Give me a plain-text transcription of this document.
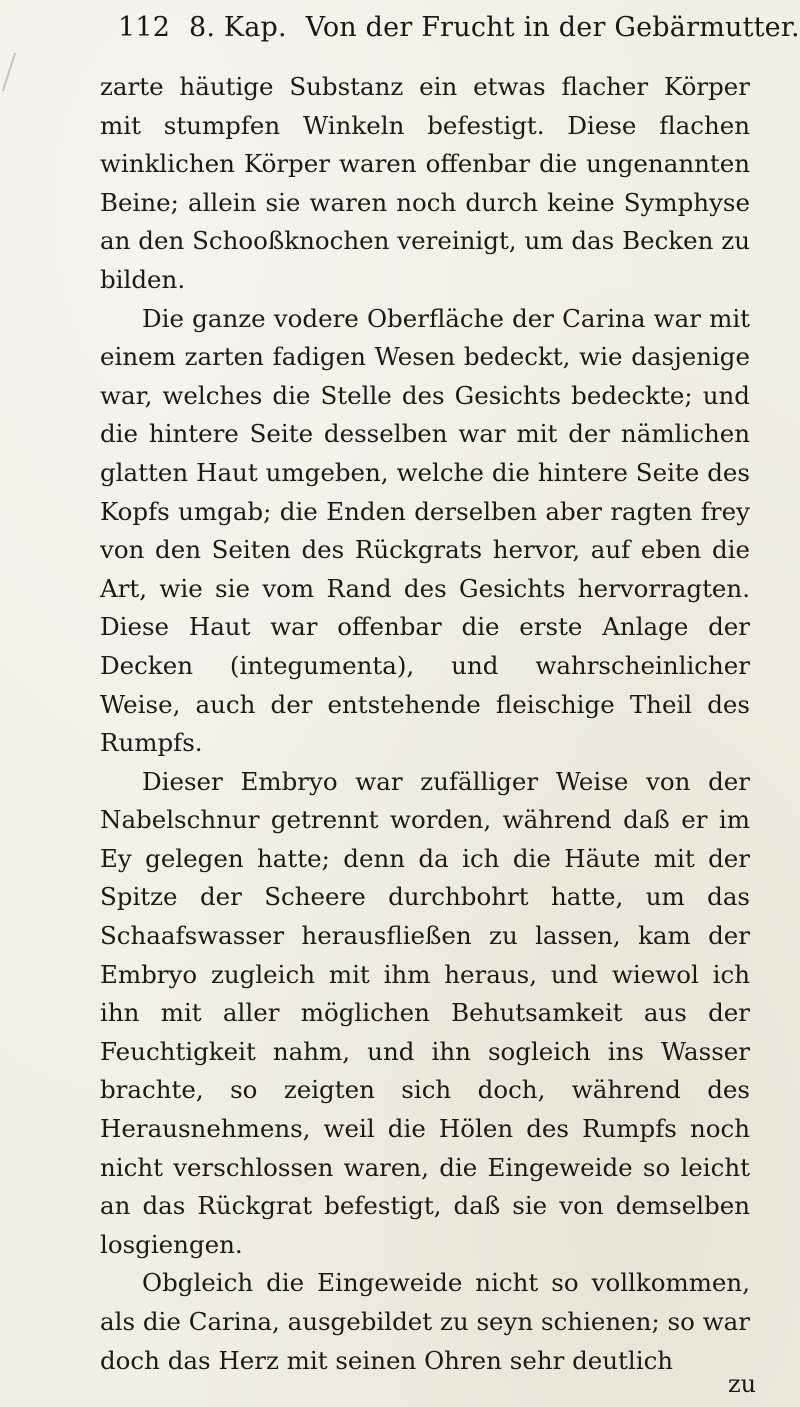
112 8. Kap. Von der Frucht in der Gebärmutter.

zarte häutige Substanz ein etwas flacher Körper mit stumpfen Winkeln befestigt. Diese flachen winklichen Körper waren offenbar die ungenannten Beine; allein sie waren noch durch keine Symphyse an den Schooßknochen vereinigt, um das Becken zu bilden.

Die ganze vodere Oberfläche der Carina war mit einem zarten fadigen Wesen bedeckt, wie dasjenige war, welches die Stelle des Gesichts bedeckte; und die hintere Seite desselben war mit der nämlichen glatten Haut umgeben, welche die hintere Seite des Kopfs umgab; die Enden derselben aber ragten frey von den Seiten des Rückgrats hervor, auf eben die Art, wie sie vom Rand des Gesichts hervorragten. Diese Haut war offenbar die erste Anlage der Decken (integumenta), und wahrscheinlicher Weise, auch der entstehende fleischige Theil des Rumpfs.

Dieser Embryo war zufälliger Weise von der Nabelschnur getrennt worden, während daß er im Ey gelegen hatte; denn da ich die Häute mit der Spitze der Scheere durchbohrt hatte, um das Schaafswasser herausfließen zu lassen, kam der Embryo zugleich mit ihm heraus, und wiewol ich ihn mit aller möglichen Behutsamkeit aus der Feuchtigkeit nahm, und ihn sogleich ins Wasser brachte, so zeigten sich doch, während des Herausnehmens, weil die Hölen des Rumpfs noch nicht verschlossen waren, die Eingeweide so leicht an das Rückgrat befestigt, daß sie von demselben losgiengen.

Obgleich die Eingeweide nicht so vollkommen, als die Carina, ausgebildet zu seyn schienen; so war doch das Herz mit seinen Ohren sehr deutlich

zu
